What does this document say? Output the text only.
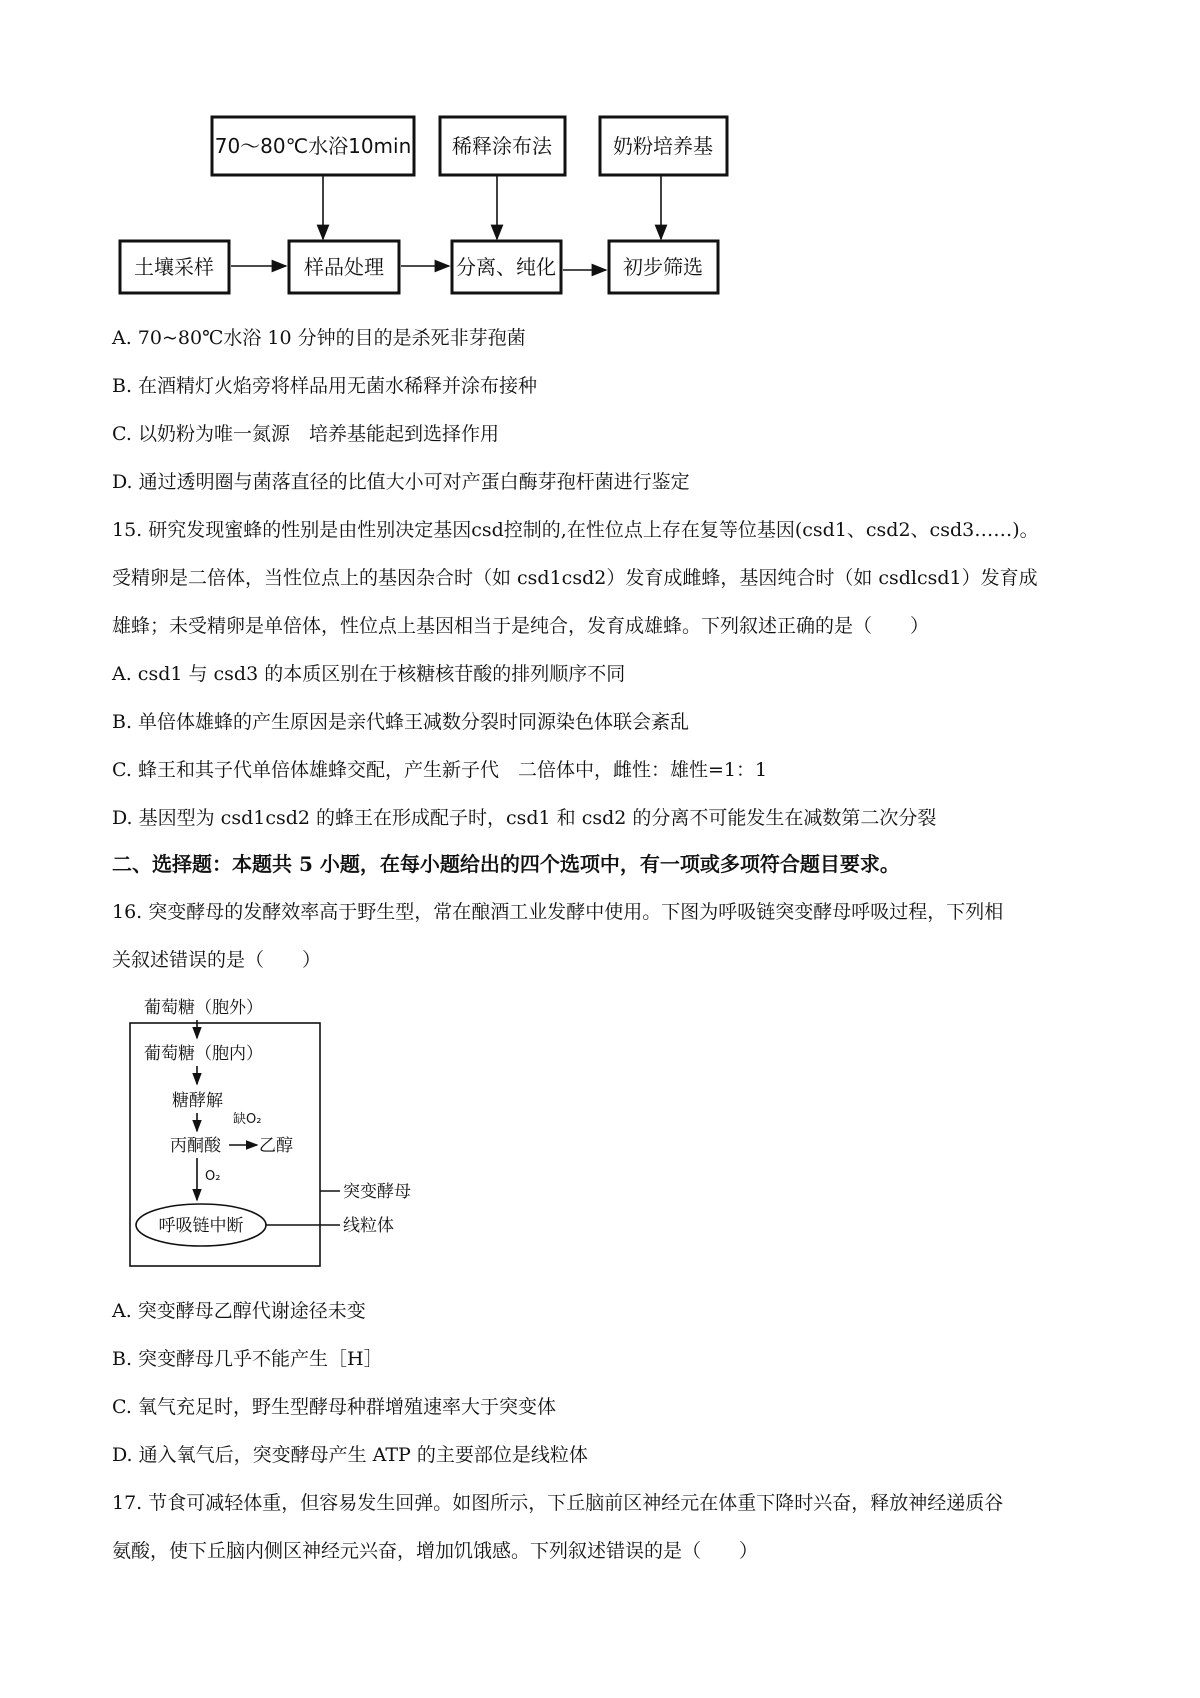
70～80℃水浴10min 稀释涂布法	奶粉培养基
土壤采样	样品处理	分离、纯化	初步筛选
A. 70~80℃水浴 10 分钟的目的是杀死非芽孢菌
B. 在酒精灯火焰旁将样品用无菌水稀释并涂布接种
C. 以奶粉为唯一氮源　培养基能起到选择作用
D. 通过透明圈与菌落直径的比值大小可对产蛋白酶芽孢杆菌进行鉴定
15. 研究发现蜜蜂的性别是由性别决定基因csd控制的,在性位点上存在复等位基因(csd1、csd2、csd3……)。
受精卵是二倍体，当性位点上的基因杂合时（如 csd1csd2）发育成雌蜂，基因纯合时（如 csdlcsd1）发育成
雄蜂；未受精卵是单倍体，性位点上基因相当于是纯合，发育成雄蜂。下列叙述正确的是（　　）
A. csd1 与 csd3 的本质区别在于核糖核苷酸的排列顺序不同
B. 单倍体雄蜂的产生原因是亲代蜂王减数分裂时同源染色体联会紊乱
C. 蜂王和其子代单倍体雄蜂交配，产生新子代　二倍体中，雌性：雄性=1：1
D. 基因型为 csd1csd2 的蜂王在形成配子时，csd1 和 csd2 的分离不可能发生在减数第二次分裂
二、选择题：本题共 5 小题，在每小题给出的四个选项中，有一项或多项符合题目要求。
16. 突变酵母的发酵效率高于野生型，常在酿酒工业发酵中使用。下图为呼吸链突变酵母呼吸过程，下列相
关叙述错误的是（　　）
葡萄糖（胞外）
葡萄糖（胞内）
糖酵解
缺O₂
丙酮酸 乙醇
O₂
呼吸链中断
突变酵母
线粒体
A. 突变酵母乙醇代谢途径未变
B. 突变酵母几乎不能产生［H］
C. 氧气充足时，野生型酵母种群增殖速率大于突变体
D. 通入氧气后，突变酵母产生 ATP 的主要部位是线粒体
17. 节食可减轻体重，但容易发生回弹。如图所示，下丘脑前区神经元在体重下降时兴奋，释放神经递质谷
氨酸，使下丘脑内侧区神经元兴奋，增加饥饿感。下列叙述错误的是（　　）
